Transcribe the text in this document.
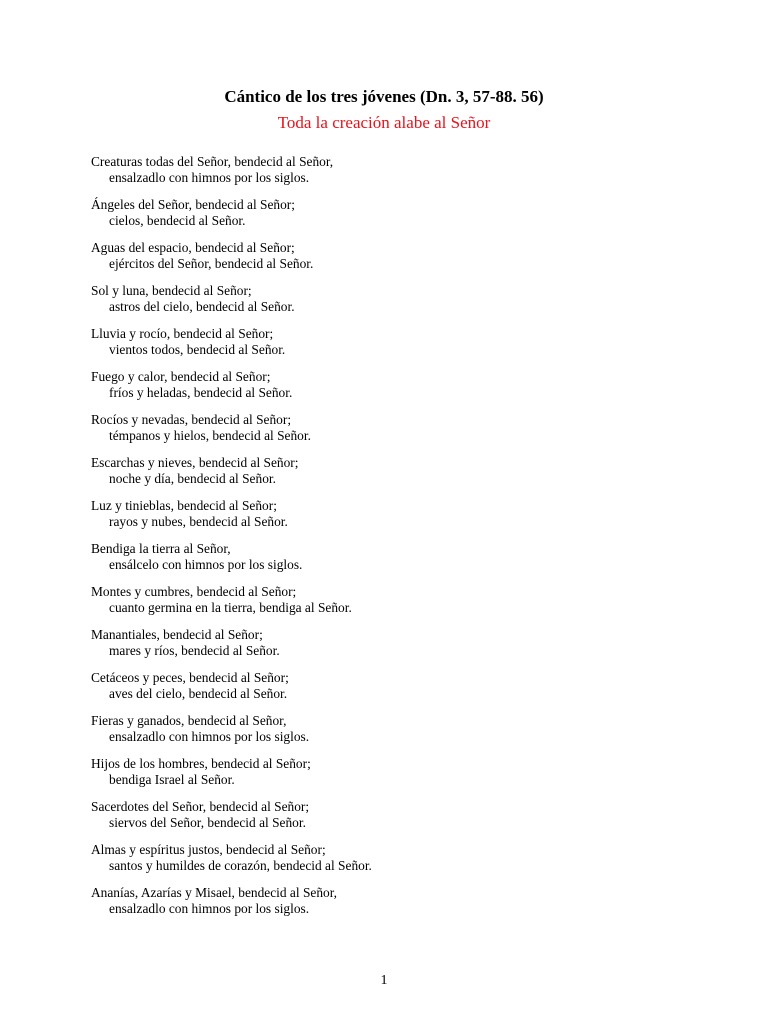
Cántico de los tres jóvenes (Dn. 3, 57-88. 56)
Toda la creación alabe al Señor
Creaturas todas del Señor, bendecid al Señor,
ensalzadlo con himnos por los siglos.
Ángeles del Señor, bendecid al Señor;
cielos, bendecid al Señor.
Aguas del espacio, bendecid al Señor;
ejércitos del Señor, bendecid al Señor.
Sol y luna, bendecid al Señor;
astros del cielo, bendecid al Señor.
Lluvia y rocío, bendecid al Señor;
vientos todos, bendecid al Señor.
Fuego y calor, bendecid al Señor;
fríos y heladas, bendecid al Señor.
Rocíos y nevadas, bendecid al Señor;
témpanos y hielos, bendecid al Señor.
Escarchas y nieves, bendecid al Señor;
noche y día, bendecid al Señor.
Luz y tinieblas, bendecid al Señor;
rayos y nubes, bendecid al Señor.
Bendiga la tierra al Señor,
ensálcelo con himnos por los siglos.
Montes y cumbres, bendecid al Señor;
cuanto germina en la tierra, bendiga al Señor.
Manantiales, bendecid al Señor;
mares y ríos, bendecid al Señor.
Cetáceos y peces, bendecid al Señor;
aves del cielo, bendecid al Señor.
Fieras y ganados, bendecid al Señor,
ensalzadlo con himnos por los siglos.
Hijos de los hombres, bendecid al Señor;
bendiga Israel al Señor.
Sacerdotes del Señor, bendecid al Señor;
siervos del Señor, bendecid al Señor.
Almas y espíritus justos, bendecid al Señor;
santos y humildes de corazón, bendecid al Señor.
Ananías, Azarías y Misael, bendecid al Señor,
ensalzadlo con himnos por los siglos.
1
